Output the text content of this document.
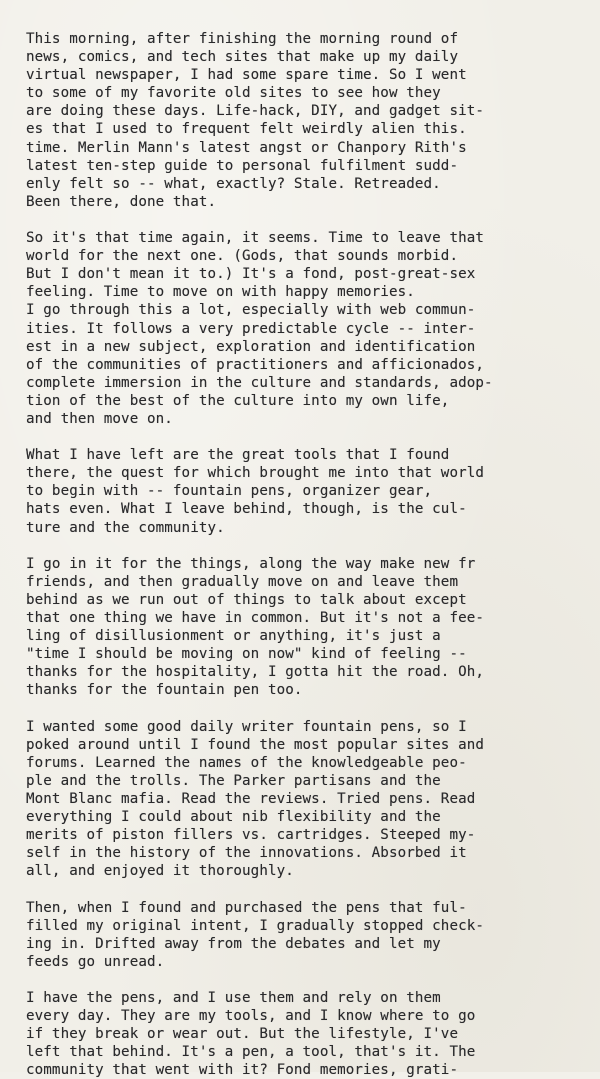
This morning, after finishing the morning round of
news, comics, and tech sites that make up my daily
virtual newspaper, I had some spare time. So I went
to some of my favorite old sites to see how they
are doing these days. Life-hack, DIY, and gadget sit-
es that I used to frequent felt weirdly alien this.
time. Merlin Mann's latest angst or Chanpory Rith's
latest ten-step guide to personal fulfilment sudd-
enly felt so -- what, exactly? Stale. Retreaded.
Been there, done that.
So it's that time again, it seems. Time to leave that
world for the next one. (Gods, that sounds morbid.
But I don't mean it to.) It's a fond, post-great-sex
feeling. Time to move on with happy memories.
I go through this a lot, especially with web commun-
ities. It follows a very predictable cycle -- inter-
est in a new subject, exploration and identification
of the communities of practitioners and afficionados,
complete immersion in the culture and standards, adop-
tion of the best of the culture into my own life,
and then move on.
What I have left are the great tools that I found
there, the quest for which brought me into that world
to begin with -- fountain pens, organizer gear,
hats even. What I leave behind, though, is the cul-
ture and the community.
I go in it for the things, along the way make new fr
friends, and then gradually move on and leave them
behind as we run out of things to talk about except
that one thing we have in common. But it's not a fee-
ling of disillusionment or anything, it's just a
"time I should be moving on now" kind of feeling --
thanks for the hospitality, I gotta hit the road. Oh,
thanks for the fountain pen too.
I wanted some good daily writer fountain pens, so I
poked around until I found the most popular sites and
forums. Learned the names of the knowledgeable peo-
ple and the trolls. The Parker partisans and the
Mont Blanc mafia. Read the reviews. Tried pens. Read
everything I could about nib flexibility and the
merits of piston fillers vs. cartridges. Steeped my-
self in the history of the innovations. Absorbed it
all, and enjoyed it thoroughly.
Then, when I found and purchased the pens that ful-
filled my original intent, I gradually stopped check-
ing in. Drifted away from the debates and let my
feeds go unread.
I have the pens, and I use them and rely on them
every day. They are my tools, and I know where to go
if they break or wear out. But the lifestyle, I've
left that behind. It's a pen, a tool, that's it. The
community that went with it? Fond memories, grati-
